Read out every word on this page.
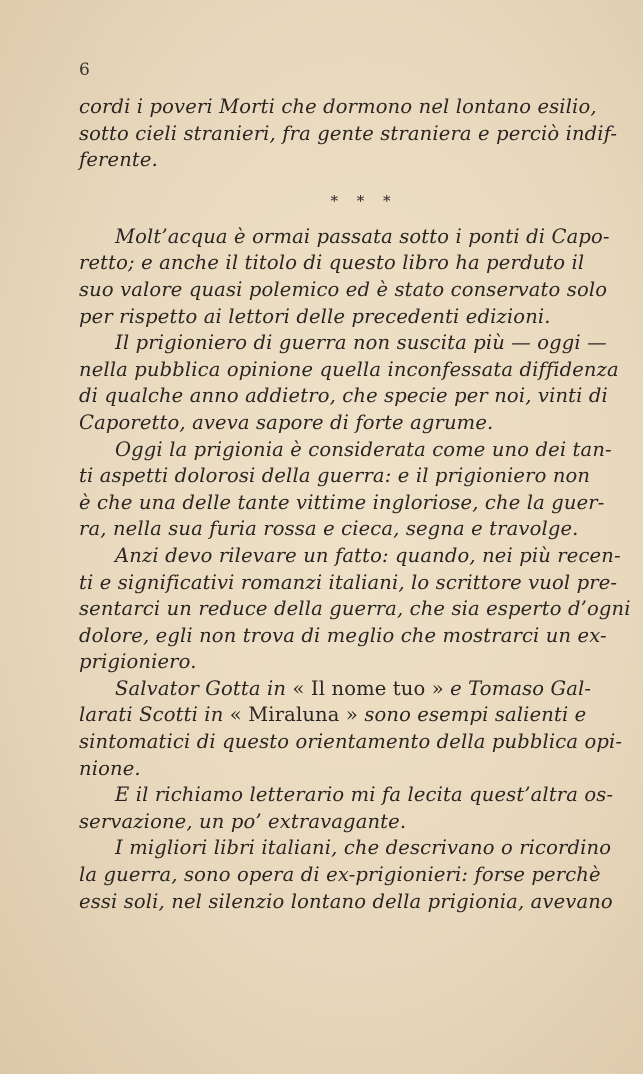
6
cordi i poveri Morti che dormono nel lontano esilio,
sotto cieli stranieri, fra gente straniera e perciò indif-
ferente.
* * *
Molt’acqua è ormai passata sotto i ponti di Capo-
retto; e anche il titolo di questo libro ha perduto il
suo valore quasi polemico ed è stato conservato solo
per rispetto ai lettori delle precedenti edizioni.
Il prigioniero di guerra non suscita più — oggi —
nella pubblica opinione quella inconfessata diffidenza
di qualche anno addietro, che specie per noi, vinti di
Caporetto, aveva sapore di forte agrume.
Oggi la prigionia è considerata come uno dei tan-
ti aspetti dolorosi della guerra: e il prigioniero non
è che una delle tante vittime ingloriose, che la guer-
ra, nella sua furia rossa e cieca, segna e travolge.
Anzi devo rilevare un fatto: quando, nei più recen-
ti e significativi romanzi italiani, lo scrittore vuol pre-
sentarci un reduce della guerra, che sia esperto d’ogni
dolore, egli non trova di meglio che mostrarci un ex-
prigioniero.
Salvator Gotta in « Il nome tuo » e Tomaso Gal-
larati Scotti in « Miraluna » sono esempi salienti e
sintomatici di questo orientamento della pubblica opi-
nione.
E il richiamo letterario mi fa lecita quest’altra os-
servazione, un po’ extravagante.
I migliori libri italiani, che descrivano o ricordino
la guerra, sono opera di ex-prigionieri: forse perchè
essi soli, nel silenzio lontano della prigionia, avevano
